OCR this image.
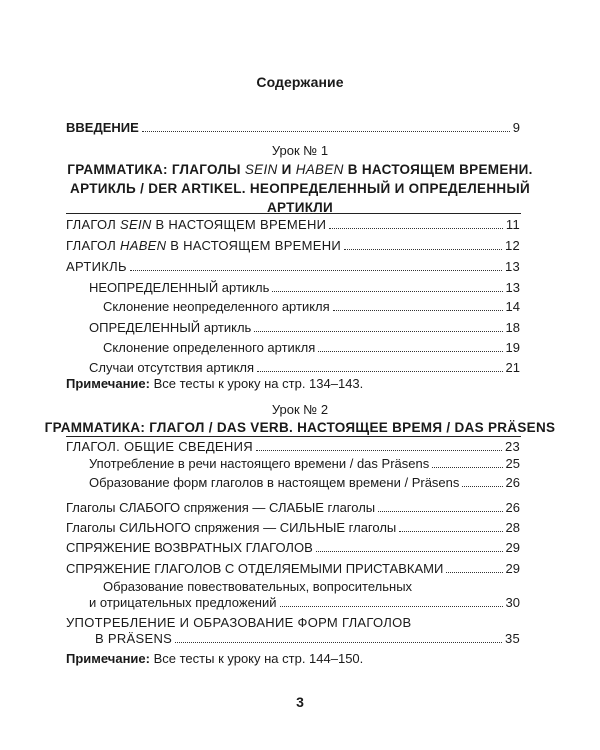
Содержание
ВВЕДЕНИЕ	9
Урок № 1
ГРАММАТИКА: ГЛАГОЛЫ SEIN И HABEN В НАСТОЯЩЕМ ВРЕМЕНИ.
АРТИКЛЬ / DER ARTIKEL. НЕОПРЕДЕЛЕННЫЙ И ОПРЕДЕЛЕННЫЙ
АРТИКЛИ
ГЛАГОЛ SEIN В НАСТОЯЩЕМ ВРЕМЕНИ	11
ГЛАГОЛ HABEN В НАСТОЯЩЕМ ВРЕМЕНИ	12
АРТИКЛЬ	13
НЕОПРЕДЕЛЕННЫЙ артикль	13
Склонение неопределенного артикля	14
ОПРЕДЕЛЕННЫЙ артикль	18
Склонение определенного артикля	19
Случаи отсутствия артикля	21
Примечание: Все тесты к уроку на стр. 134–143.
Урок № 2
ГРАММАТИКА: ГЛАГОЛ / DAS VERB. НАСТОЯЩЕЕ ВРЕМЯ / DAS PRÄSENS
ГЛАГОЛ. ОБЩИЕ СВЕДЕНИЯ	23
Употребление в речи настоящего времени / das Präsens	25
Образование форм глаголов в настоящем времени / Präsens	26
Глаголы СЛАБОГО спряжения — СЛАБЫЕ глаголы	26
Глаголы СИЛЬНОГО спряжения — СИЛЬНЫЕ глаголы	28
СПРЯЖЕНИЕ ВОЗВРАТНЫХ ГЛАГОЛОВ	29
СПРЯЖЕНИЕ ГЛАГОЛОВ С ОТДЕЛЯЕМЫМИ ПРИСТАВКАМИ	29
Образование повествовательных, вопросительных
и отрицательных предложений	30
УПОТРЕБЛЕНИЕ И ОБРАЗОВАНИЕ ФОРМ ГЛАГОЛОВ
В PRÄSENS	35
Примечание: Все тесты к уроку на стр. 144–150.
3
